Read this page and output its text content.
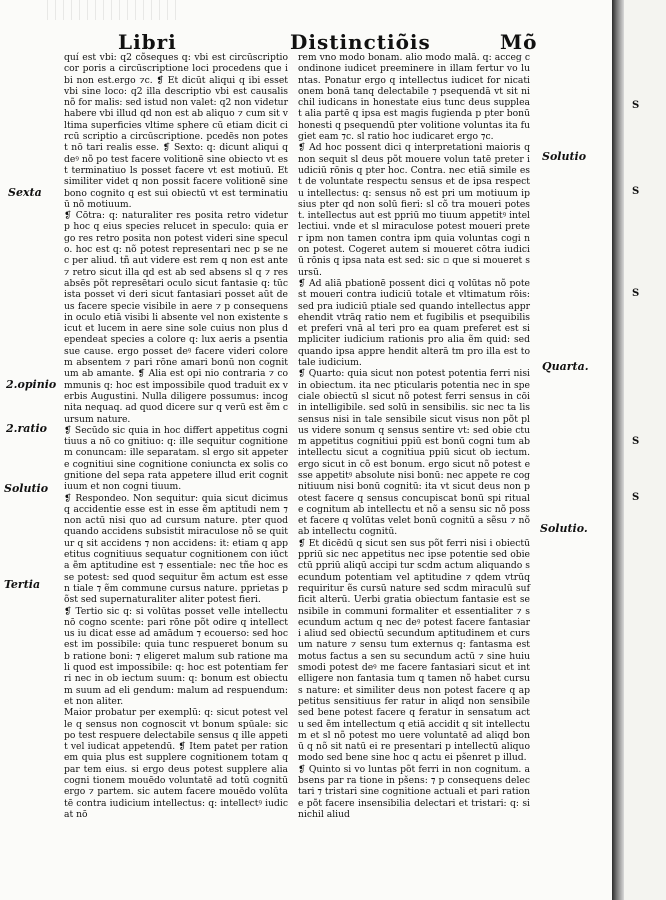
Libri	Distinctiõis	Mõ
Sexta
2.opinio
2.ratio
Solutio
Tertia
Solutio
Quarta.
Solutio.

quí est vbi: q2 cõseques q: vbi est circūscriptio cor poris a circūscriptione loci procedens que ibi non est.ergo ⁊c. ❡ Et dicūt aliqui q ibi esset vbi sine loco: q2 illa descriptio vbi est causalis nõ for malis: sed istud non valet: q2 non videtur habere vbi illud qd non est ab aliquo ⁊ cum sit vltima superficies vltime sphere cū etiam dicit circū scriptio a circūscriptione. pcedēs non potest nō tari realis esse. ❡ Sexto: q: dicunt aliqui q deꝰ nõ po test facere volitionē sine obiecto vt est terminatiuo ls posset facere vt est motiuū. Et similiter videt q non possit facere volitionē sine bono cognito q est sui obiectū vt est terminatiuū nõ motiuum.

❡ Cōtra: q: naturaliter res posita retro videtur p hoc q eius species relucet in speculo: quia ergo res retro posita non potest videri sine speculo. hoc est q: nõ potest representari nec p se nec per aliud. tñ aut videre est rem q non est ante ⁊ retro sicut illa qd est ab sed absens sl q ⁊ res absēs põt represētari oculo sicut fantasie q: tūc ista posset vi deri sicut fantasiari posset aūt deus facere specie visibile in aere ⁊ p consequens in oculo etiā visibi li absente vel non existente sicut et lucem in aere sine sole cuius non plus dependeat species a colore q: lux aeris a psentia sue cause. ergo posset deꝰ facere videri colorem absentem ⁊ pari rōne amari bonū non cognitum ab amante. ❡ Alia est opi nio contraria ⁊ communis q: hoc est impossibile quod traduit ex verbis Augustini. Nulla diligere possumus: incognita nequaq. ad quod dicere sur q verū est ẽm cursum nature.

❡ Secūdo sic quia in hoc differt appetitus cognitiuus a nō co gnitiuo: q: ille sequitur cognitionem conuncam: ille separatam. sl ergo sit appetere cognitiui sine cognitione coniuncta ex solis cognitione del sepa rata appetere illud erit cognitiuum et non cogni tiuum.

❡ Respondeo. Non sequitur: quia sicut dicimus q accidentie esse est in esse ẽm aptitudi nem ⁊ non actū nisi quo ad cursum nature. pter quod quando accidens subsistit miraculose nõ se quitur q sit accidens ⁊ non accidens: it: etiam q appetitus cognitiuus sequatur cognitionem con iūcta ẽm aptitudine est ⁊ essentiale: nec tñe hoc esse potest: sed quod sequitur ẽm actum est essen tiale ⁊ ẽm commune cursus nature. pprietas põst sed supernaturaliter aliter potest fieri.

❡ Tertio sic q: si volūtas posset velle intellectu nō cogno scente: pari rōne põt odire q intellectus iu dicat esse ad amādum ⁊ ecouerso: sed hoc est im possibile: quia tunc respueret bonum sub ratione boni: ⁊ eligeret malum sub ratione mali quod est impossibile: q: hoc est potentiam ferri nec in ob iectum suum: q: bonum est obiectum suum ad eli gendum: malum ad respuendum: et non aliter.

Maior probatur per exemplū: q: sicut potest vel le q sensus non cognoscit vt bonum spūale: sic po test respuere delectabile sensus q ille appetit vel iudicat appetendū. ❡ Item patet per rationem quia plus est supplere cognitionem totam q par tem eius. si ergo deus potest supplere alia cogni tionem mouēdo voluntatē ad totū cognitū ergo ⁊ partem. sic autem facere mouēdo volūtatē contra iudicium intellectus: q: intellectꝰ iudicat nō

rem vno modo bonam. alio modo malā. q: acceg condinone iudicet preeminere in illam fertur vo luntas. Ponatur ergo q intellectus iudicet for nicationem bonā tanq delectabile ⁊ psequendā vt sit nichil iudicans in honestate eius tunc deus suppleat alia partē q ipsa est magis fugienda p pter bonū honesti q psequendū pter volitione voluntas ita fugiet eam ⁊c. sl ratio hoc iudicaret ergo ⁊c.

❡ Ad hoc possent dici q interpretationi maioris q non sequit sl deus põt mouere volun tatē preter iudiciū rōnis q pter hoc. Contra. nec etiā simile est de voluntate respectu sensus et de ipsa respectu intellectus: q: sensus nõ est pri um motiuum ipsius pter qd non solū fieri: sl cõ tra moueri potest. intellectus aut est ppriū mo tiuum appetitꝰ intellectiui. vnde et sl miraculose potest moueri preter ipm non tamen contra ipm quia voluntas cogi non potest. Cogeret autem si moueret cōtra iudiciū rōnis q ipsa nata est sed: sic ▫ que si moueret sursū.

❡ Ad aliā pbationē possent dici q volūtas nõ potest moueri contra iudiciū totale et vltimatum rōis: sed pra iudiciū ptiale sed quando intellectus apprehendit vtrāq ratio nem et fugibilis et psequibilis et preferi vnā al teri pro ea quam preferet est simpliciter iudicium rationis pro alia ẽm quid: sed quando ipsa appre hendit alterā tm pro illa est totale iudicium.

❡ Quarto: quia sicut non potest potentia ferri nisi in obiectum. ita nec pticularis potentia nec in speciale obiectū sl sicut nõ potest ferri sensus in cōi in intelligibile. sed solū in sensibilis. sic nec ta lis sensus nisi in tale sensibile sicut visus non põt plus videre sonum q sensus sentire vt: sed obie ctum appetitus cognitiui ppiū est bonū cogni tum ab intellectu sicut a cognitiua ppiū sicut ob iectum. ergo sicut in cõ est bonum. ergo sicut nõ potest esse appetitꝰ absolute nisi bonū: nec appete re cognitiuum nisi bonū cognitū: ita vt sicut deus non potest facere q sensus concupiscat bonū spi rituale cognitum ab intellectu et nõ a sensu sic nõ posset facere q volūtas velet bonū cognitū a sẽsu ⁊ nõ ab intellectu cognitū.

❡ Et dicēdū q sicut sen sus põt ferri nisi i obiectū ppriū sic nec appetitus nec ipse potentie sed obiectū ppriū aliqū accipi tur scdm actum aliquando secundum potentiam vel aptitudine ⁊ qdem vtrūq requiritur ẽs cursū nature sed scdm miraculū sufficit alterū. Uerbi gratia obiectum fantasie est sensibile in communi formaliter et essentialiter ⁊ secundum actum q nec deꝰ potest facere fantasiari aliud sed obiectū secundum aptitudinem et cursum nature ⁊ sensu tum externus q: fantasma est motus factus a sen su secundum actū ⁊ sine huiusmodi potest deꝰ me facere fantasiari sicut et intelligere non fantasia tum q tamen nõ habet cursus nature: et similiter deus non potest facere q appetitus sensitiuus fer ratur in aliqd non sensibile sed bene potest facere q feratur in sensatum actu sed ẽm intellectum q etiā accidit q sit intellectum et sl nõ potest mo uere voluntatē ad aliqd bonū q nõ sit natū ei re presentari p intellectū aliquomodo sed bene sine hoc q actu ei pšenret p illud.

❡ Quinto si vo luntas põt ferri in non cognitum. absens par ra tione in pšens: ⁊ p consequens delectari ⁊ tristari sine cognitione actuali et pari ratione põt facere insensibilia delectari et tristari: q: si nichil aliud

S
S
S
S
S
